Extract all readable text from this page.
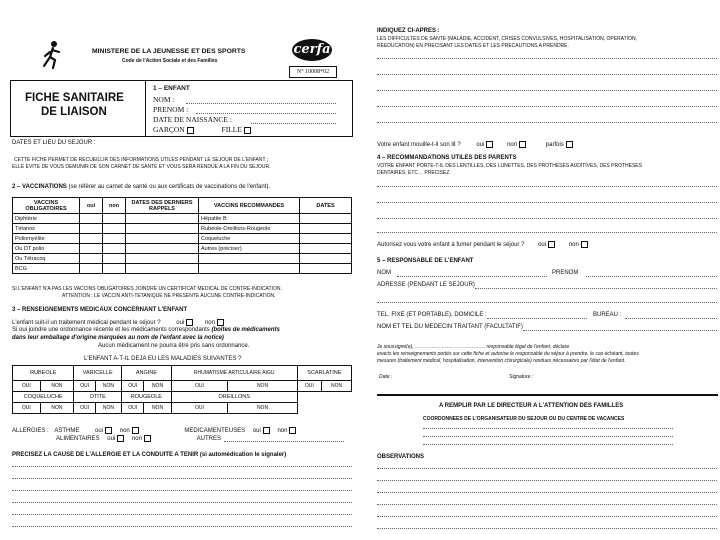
MINISTERE DE LA JEUNESSE ET DES SPORTS
Code de l'Action Sociale et des Familles
cerfa
N° 10008*02
FICHE SANITAIRE
DE LIAISON
1 – ENFANT
NOM :
PRENOM :
DATE DE NAISSANCE :
GARÇON	FILLE
DATES ET LIEU DU SEJOUR :
CETTE FICHE PERMET DE RECUEILLIR DES INFORMATIONS UTILES PENDANT LE SEJOUR DE L'ENFANT ;
ELLE EVITE DE VOUS DEMUNIR DE SON CARNET DE SANTE ET VOUS SERA RENDUE A LA FIN DU SEJOUR.
2 – VACCINATIONS (se référer au carnet de santé ou aux certificats de vaccinations de l'enfant).
VACCINS OBLIGATOIRES	oui	non	DATES DES DERNIERS RAPPELS	VACCINS RECOMMANDES	DATES
Diphtérie				Hépatite B	
Tétanos				Rubéole-Oreillons-Rougeole	
Poliomyélite				Coqueluche	
Ou DT polio				Autres (préciser)	
Ou Tétracoq					
BCG					
SI L'ENFANT N'A PAS LES VACCINS OBLIGATOIRES JOINDRE UN CERTIFICAT MEDICAL DE CONTRE-INDICATION.
ATTENTION : LE VACCIN ANTI-TETANIQUE NE PRESENTE AUCUNE CONTRE-INDICATION.
3 – RENSEIGNEMENTS MEDICAUX CONCERNANT L'ENFANT
L'enfant suit-il un traitement médical pendant le séjour ?	oui	non
Si oui joindre une ordonnance récente et les médicaments correspondants (boîtes de médicaments
dans leur emballage d'origine marquées au nom de l'enfant avec la notice)
Aucun médicament ne pourra être pris sans ordonnance.
L'ENFANT A-T-IL DEJA EU LES MALADIES SUIVANTES ?
RUBEOLE		VARICELLE		ANGINE		RHUMATISME ARTICULAIRE AIGU		SCARLATINE	
OUI	NON	OUI	NON	OUI	NON	OUI	NON	OUI	NON
COQUELUCHE		OTITE		ROUGEOLE		OREILLONS			
OUI	NON	OUI	NON	OUI	NON	OUI	NON		
ALLERGIES : ASTHME	oui	non	MEDICAMENTEUSES oui	non
ALIMENTAIRES oui	non	AUTRES
PRECISEZ LA CAUSE DE L'ALLERGIE ET LA CONDUITE A TENIR (si automédication le signaler)
INDIQUEZ CI-APRES :
LES DIFFICULTES DE SANTE (MALADIE, ACCIDENT, CRISES CONVULSIVES, HOSPITALISATION, OPERATION,
REEDUCATION) EN PRECISANT LES DATES ET LES PRECAUTIONS A PRENDRE.
Votre enfant mouille-t-il son lit ?	oui	non	parfois
4 – RECOMMANDATIONS UTILES DES PARENTS
VOTRE ENFANT PORTE-T-IL DES LENTILLES, DES LUNETTES, DES PROTHESES AUDITIVES, DES PROTHESES
DENTAIRES, ETC… PRECISEZ.
Autorisez vous votre enfant à fumer pendant le séjour ? oui	non
5 – RESPONSABLE DE L'ENFANT
NOM	PRENOM
ADRESSE (PENDANT LE SEJOUR)
TEL. FIXE (ET PORTABLE), DOMICILE :	BUREAU :
NOM ET TEL DU MEDECIN TRAITANT (FACULTATIF)
Je soussigné(e), …………………………………… responsable légal de l'enfant, déclare
exacts les renseignements portés sur cette fiche et autorise le responsable du séjour à prendre, le cas échéant, toutes
mesures (traitement médical, hospitalisation, intervention chirurgicale) rendues nécessaires par l'état de l'enfant.
Date :	Signature :
A REMPLIR PAR LE DIRECTEUR A L'ATTENTION DES FAMILLES
COORDONNEES DE L'ORGANISATEUR DU SEJOUR OU DU CENTRE DE VACANCES
OBSERVATIONS
